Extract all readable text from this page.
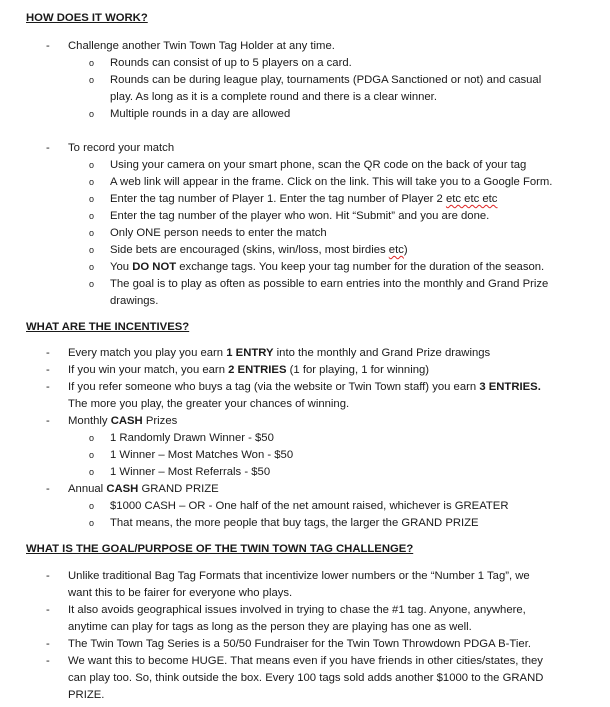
HOW DOES IT WORK?
- Challenge another Twin Town Tag Holder at any time.
o Rounds can consist of up to 5 players on a card.
o Rounds can be during league play, tournaments (PDGA Sanctioned or not) and casual
play. As long as it is a complete round and there is a clear winner.
o Multiple rounds in a day are allowed
- To record your match
o Using your camera on your smart phone, scan the QR code on the back of your tag
o A web link will appear in the frame. Click on the link. This will take you to a Google Form.
o Enter the tag number of Player 1. Enter the tag number of Player 2 etc etc etc
o Enter the tag number of the player who won. Hit “Submit” and you are done.
o Only ONE person needs to enter the match
o Side bets are encouraged (skins, win/loss, most birdies etc)
o You DO NOT exchange tags. You keep your tag number for the duration of the season.
o The goal is to play as often as possible to earn entries into the monthly and Grand Prize
drawings.
WHAT ARE THE INCENTIVES?
- Every match you play you earn 1 ENTRY into the monthly and Grand Prize drawings
- If you win your match, you earn 2 ENTRIES (1 for playing, 1 for winning)
- If you refer someone who buys a tag (via the website or Twin Town staff) you earn 3 ENTRIES.
The more you play, the greater your chances of winning.
- Monthly CASH Prizes
o 1 Randomly Drawn Winner - $50
o 1 Winner – Most Matches Won - $50
o 1 Winner – Most Referrals - $50
- Annual CASH GRAND PRIZE
o $1000 CASH – OR - One half of the net amount raised, whichever is GREATER
o That means, the more people that buy tags, the larger the GRAND PRIZE
WHAT IS THE GOAL/PURPOSE OF THE TWIN TOWN TAG CHALLENGE?
- Unlike traditional Bag Tag Formats that incentivize lower numbers or the “Number 1 Tag”, we
want this to be fairer for everyone who plays.
- It also avoids geographical issues involved in trying to chase the #1 tag. Anyone, anywhere,
anytime can play for tags as long as the person they are playing has one as well.
- The Twin Town Tag Series is a 50/50 Fundraiser for the Twin Town Throwdown PDGA B-Tier.
- We want this to become HUGE. That means even if you have friends in other cities/states, they
can play too. So, think outside the box. Every 100 tags sold adds another $1000 to the GRAND
PRIZE.
